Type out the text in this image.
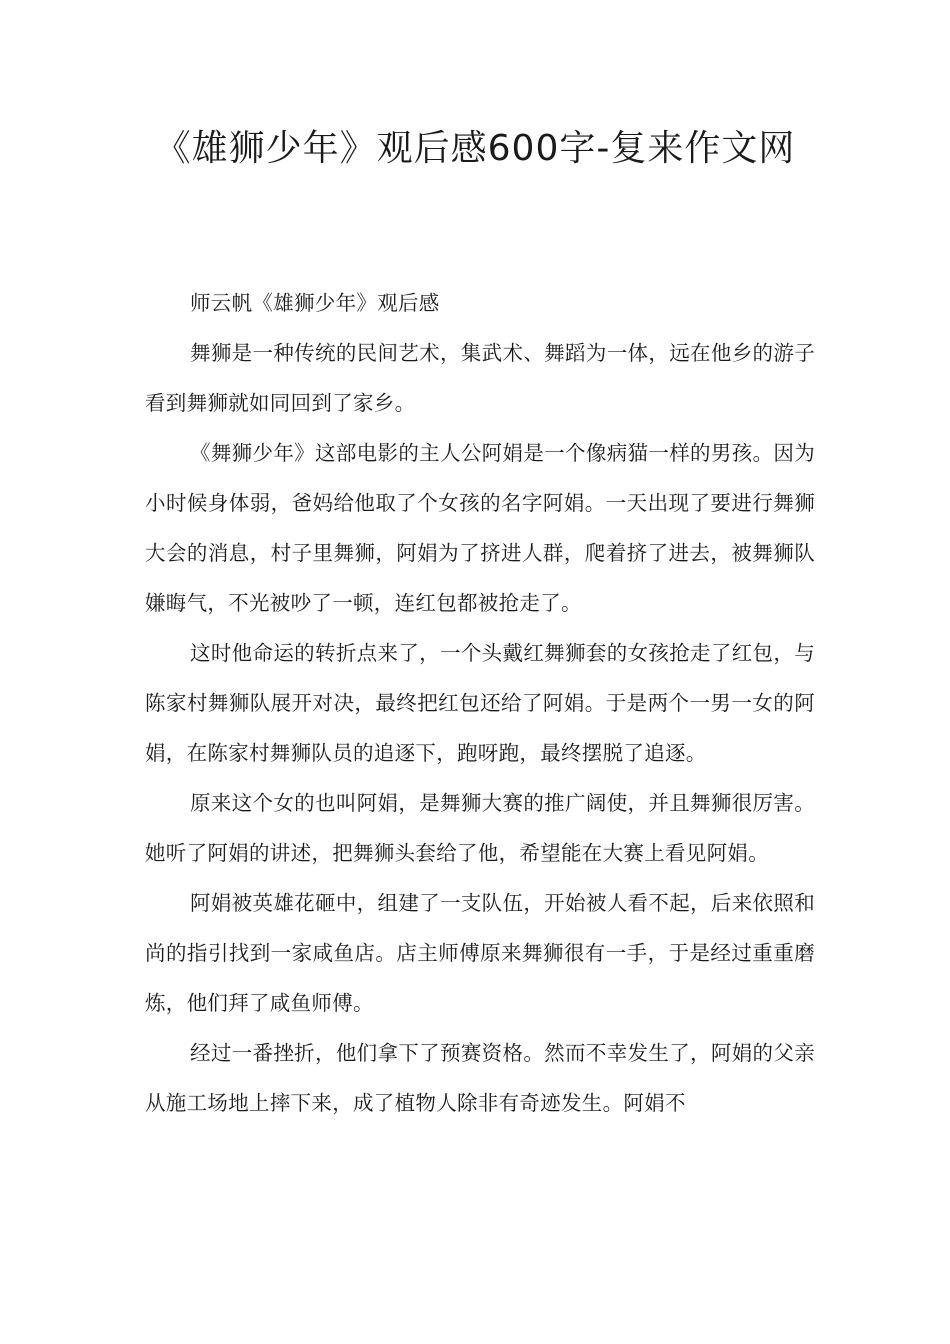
《雄狮少年》观后感600字-复来作文网

师云帆《雄狮少年》观后感

舞狮是一种传统的民间艺术，集武术、舞蹈为一体，远在他乡的游子看到舞狮就如同回到了家乡。

《舞狮少年》这部电影的主人公阿娟是一个像病猫一样的男孩。因为小时候身体弱，爸妈给他取了个女孩的名字阿娟。一天出现了要进行舞狮大会的消息，村子里舞狮，阿娟为了挤进人群，爬着挤了进去，被舞狮队嫌晦气，不光被吵了一顿，连红包都被抢走了。

这时他命运的转折点来了，一个头戴红舞狮套的女孩抢走了红包，与陈家村舞狮队展开对决，最终把红包还给了阿娟。于是两个一男一女的阿娟，在陈家村舞狮队员的追逐下，跑呀跑，最终摆脱了追逐。

原来这个女的也叫阿娟，是舞狮大赛的推广阔使，并且舞狮很厉害。她听了阿娟的讲述，把舞狮头套给了他，希望能在大赛上看见阿娟。

阿娟被英雄花砸中，组建了一支队伍，开始被人看不起，后来依照和尚的指引找到一家咸鱼店。店主师傅原来舞狮很有一手，于是经过重重磨炼，他们拜了咸鱼师傅。

经过一番挫折，他们拿下了预赛资格。然而不幸发生了，阿娟的父亲从施工场地上摔下来，成了植物人除非有奇迹发生。阿娟不
